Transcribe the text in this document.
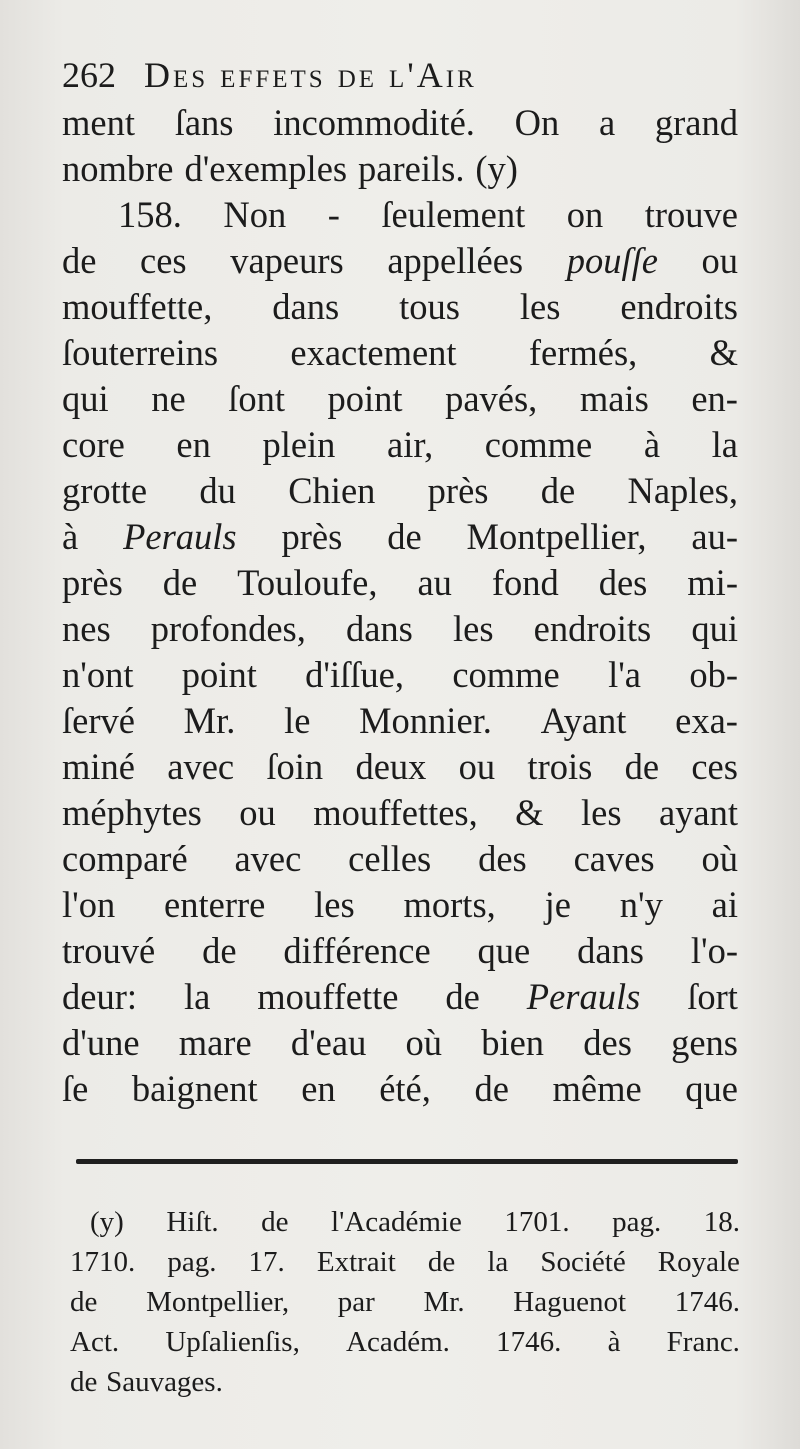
262 Des effets de l'Air
ment ſans incommodité. On a grand
nombre d'exemples pareils. (y)
158. Non - ſeulement on trouve
de ces vapeurs appellées pouſſe ou
mouffette, dans tous les endroits
ſouterreins exactement fermés, &
qui ne ſont point pavés, mais en-
core en plein air, comme à la
grotte du Chien près de Naples,
à Perauls près de Montpellier, au-
près de Touloufe, au fond des mi-
nes profondes, dans les endroits qui
n'ont point d'iſſue, comme l'a ob-
ſervé Mr. le Monnier. Ayant exa-
miné avec ſoin deux ou trois de ces
méphytes ou mouffettes, & les ayant
comparé avec celles des caves où
l'on enterre les morts, je n'y ai
trouvé de différence que dans l'o-
deur: la mouffette de Perauls ſort
d'une mare d'eau où bien des gens
ſe baignent en été, de même que
(y) Hiſt. de l'Académie 1701. pag. 18.
1710. pag. 17. Extrait de la Société Royale
de Montpellier, par Mr. Haguenot 1746.
Act. Upſalienſis, Académ. 1746. à Franc.
de Sauvages.
